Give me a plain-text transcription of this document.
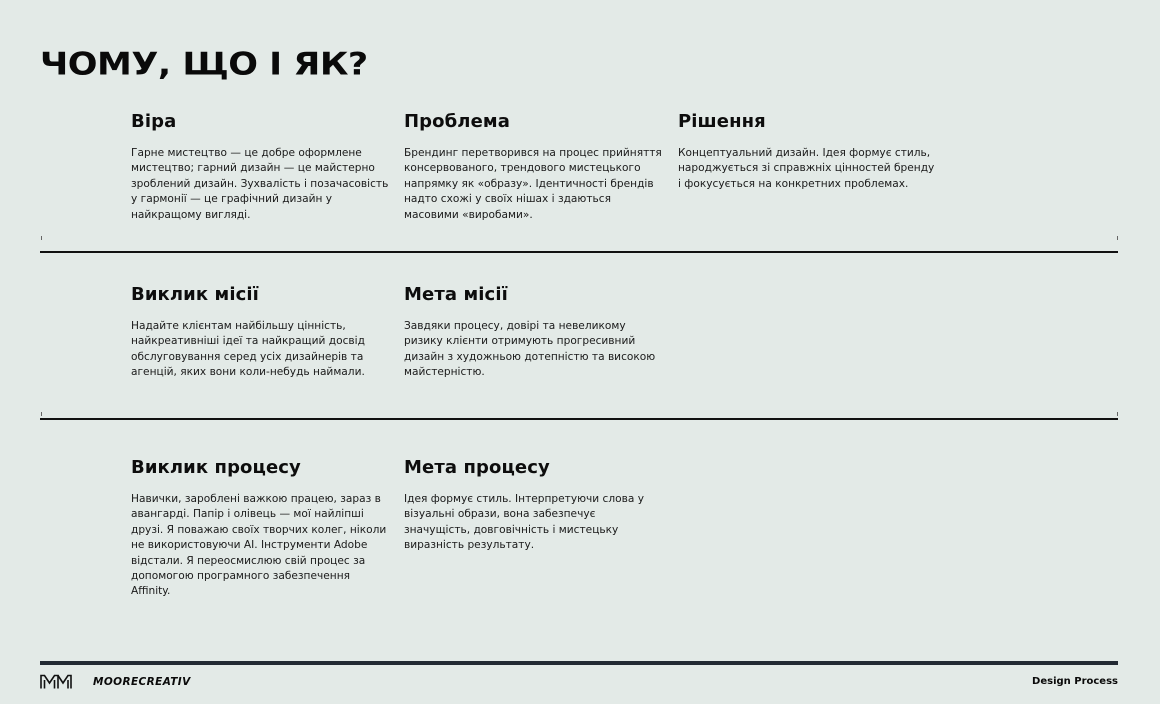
ЧОМУ, ЩО І ЯК?
Віра

Гарне мистецтво — це добре оформлене мистецтво; гарний дизайн — це майстерно зроблений дизайн. Зухвалість і позачасовість у гармонії — це графічний дизайн у найкращому вигляді.

Проблема

Брендинг перетворився на процес прийняття консервованого, трендового мистецького напрямку як «образу». Ідентичності брендів надто схожі у своїх нішах і здаються масовими «виробами».

Рішення

Концептуальний дизайн. Ідея формує стиль, народжується зі справжніх цінностей бренду і фокусується на конкретних проблемах.

Виклик місії

Надайте клієнтам найбільшу цінність, найкреативніші ідеї та найкращий досвід обслуговування серед усіх дизайнерів та агенцій, яких вони коли-небудь наймали.

Мета місії

Завдяки процесу, довірі та невеликому ризику клієнти отримують прогресивний дизайн з художньою дотепністю та високою майстерністю.

Виклик процесу

Навички, зароблені важкою працею, зараз в авангарді. Папір і олівець — мої найліпші друзі. Я поважаю своїх творчих колег, ніколи не використовуючи AI. Інструменти Adobe відстали. Я переосмислюю свій процес за допомогою програмного забезпечення Affinity.

Мета процесу

Ідея формує стиль. Інтерпретуючи слова у візуальні образи, вона забезпечує значущість, довговічність і мистецьку виразність результату.

MOORECREATIV	Design Process
